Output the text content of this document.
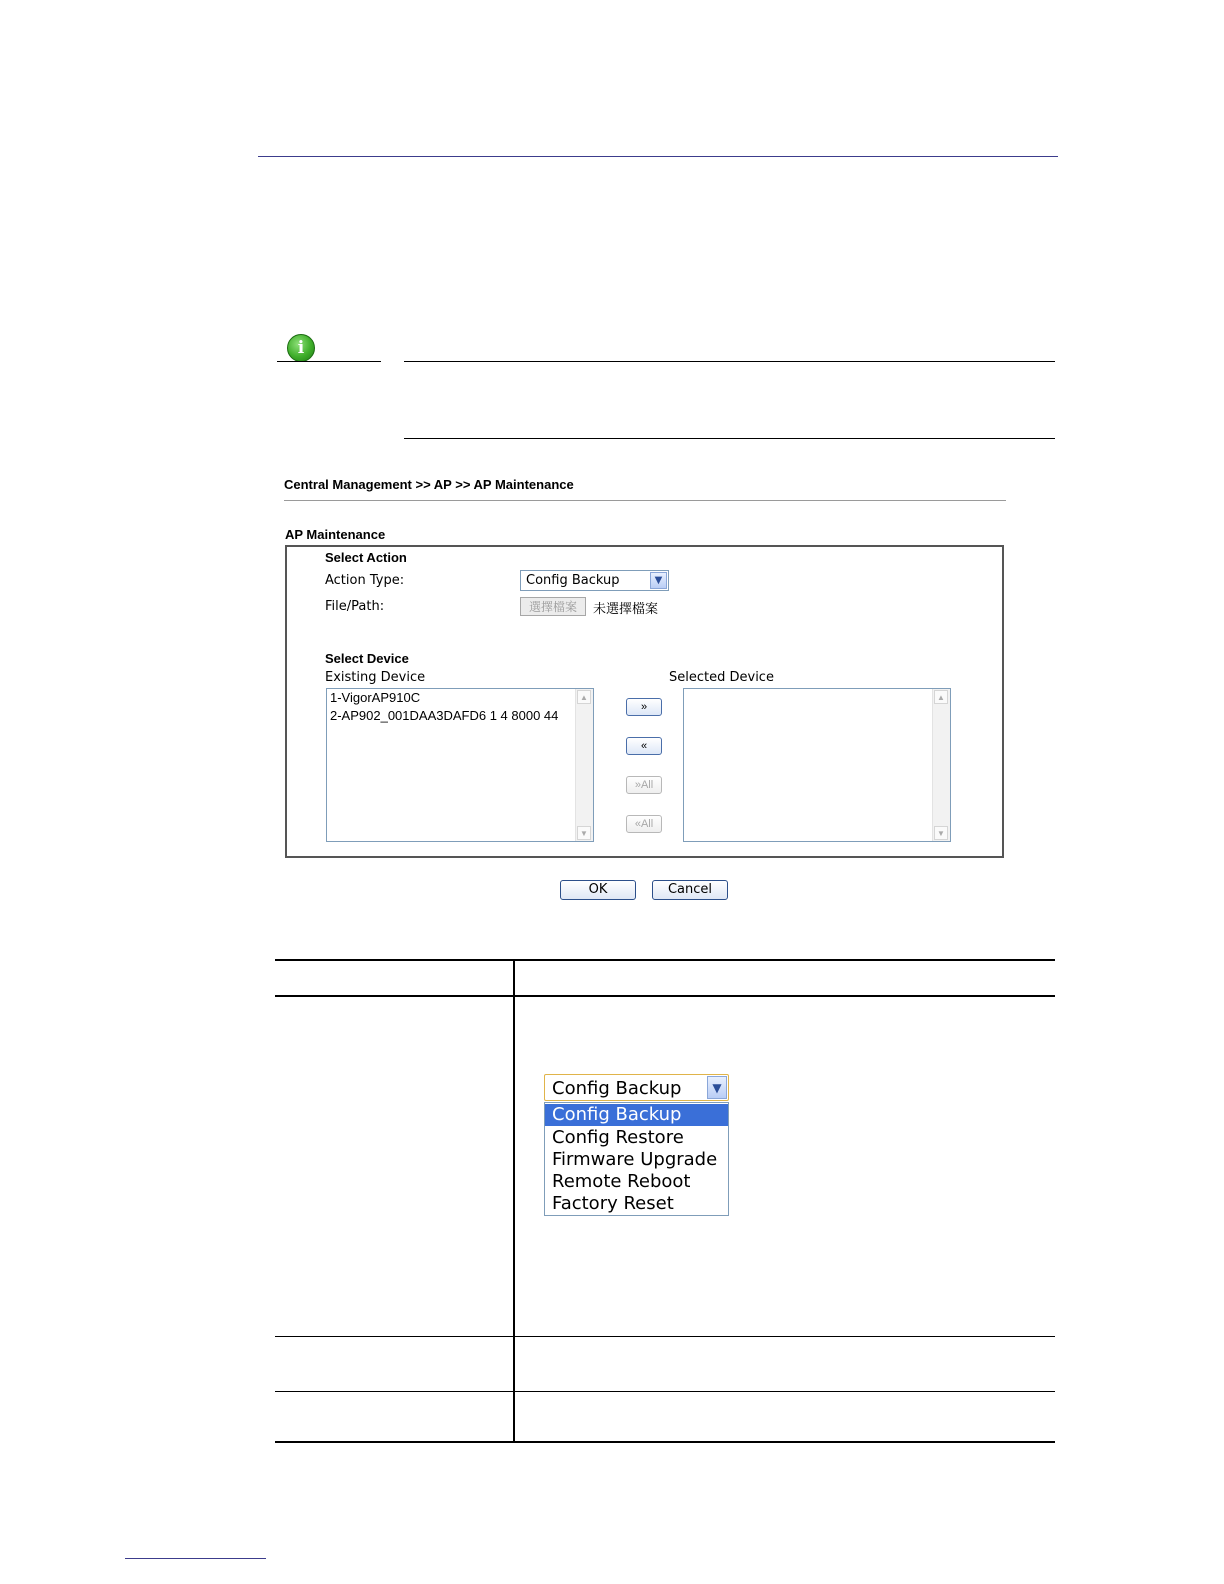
i
Central Management >> AP >> AP Maintenance
AP Maintenance
Select Action
Action Type:	Config Backup	▼
File/Path:	選擇檔案	未選擇檔案
Select Device
Existing Device	Selected Device
1-VigorAP910C
2-AP902_001DAA3DAFD6 1 4 8000 44
▲
▼
▲
▼
»
«
»All
«All
OK	Cancel
Config Backup	▼
Config Backup
Config Restore
Firmware Upgrade
Remote Reboot
Factory Reset
